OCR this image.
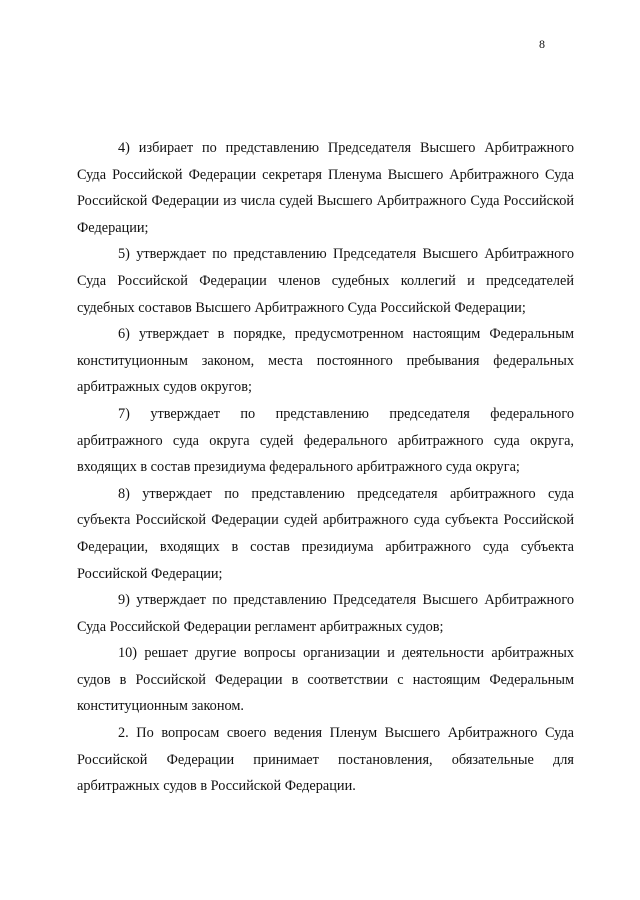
8

4) избирает по представлению Председателя Высшего Арбитражного Суда Российской Федерации секретаря Пленума Высшего Арбитражного Суда Российской Федерации из числа судей Высшего Арбитражного Суда Российской Федерации;

5) утверждает по представлению Председателя Высшего Арбитражного Суда Российской Федерации членов судебных коллегий и председателей судебных составов Высшего Арбитражного Суда Российской Федерации;

6) утверждает в порядке, предусмотренном настоящим Федеральным конституционным законом, места постоянного пребывания федеральных арбитражных судов округов;

7) утверждает по представлению председателя федерального арбитражного суда округа судей федерального арбитражного суда округа, входящих в состав президиума федерального арбитражного суда округа;

8) утверждает по представлению председателя арбитражного суда субъекта Российской Федерации судей арбитражного суда субъекта Российской Федерации, входящих в состав президиума арбитражного суда субъекта Российской Федерации;

9) утверждает по представлению Председателя Высшего Арбитражного Суда Российской Федерации регламент арбитражных судов;

10) решает другие вопросы организации и деятельности арбитражных судов в Российской Федерации в соответствии с настоящим Федеральным конституционным законом.

2. По вопросам своего ведения Пленум Высшего Арбитражного Суда Российской Федерации принимает постановления, обязательные для арбитражных судов в Российской Федерации.
